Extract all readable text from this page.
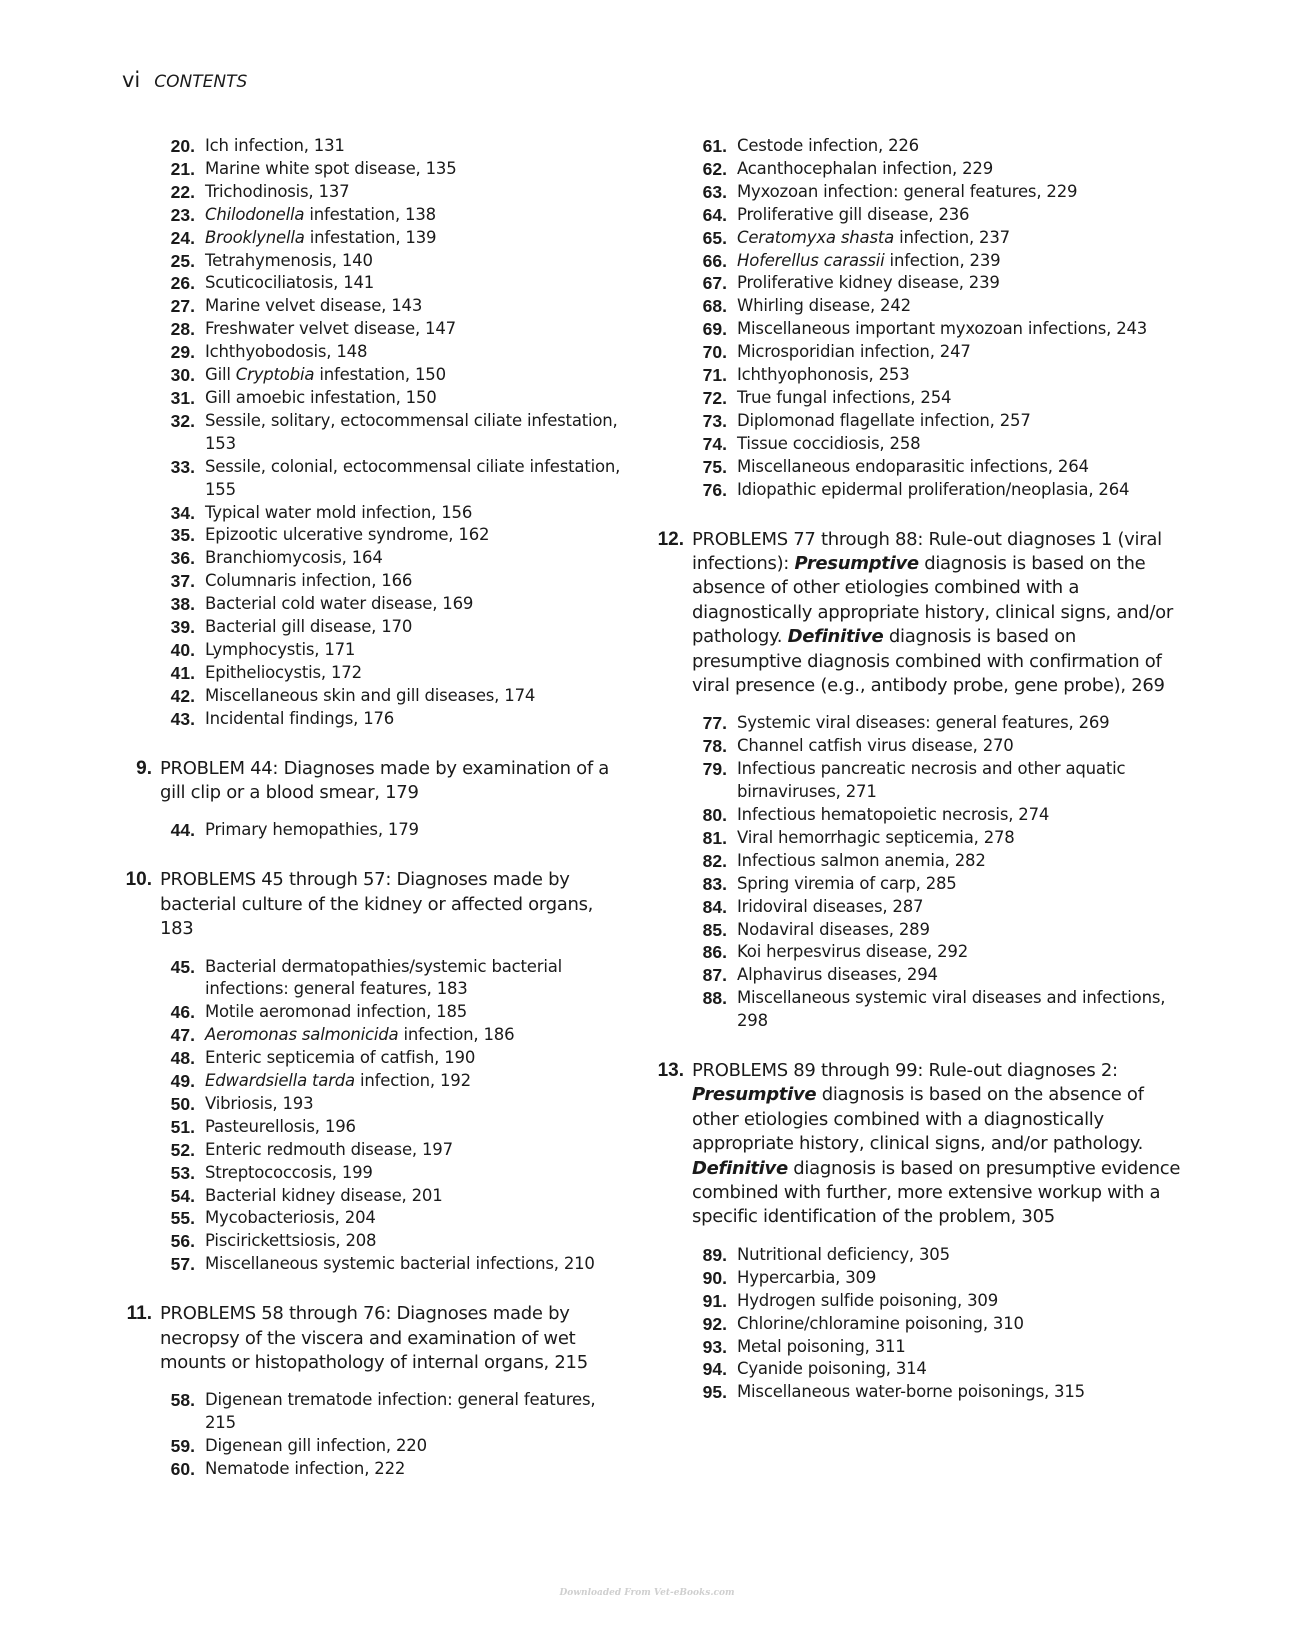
vi CONTENTS
20. Ich infection, 131
21. Marine white spot disease, 135
22. Trichodinosis, 137
23. Chilodonella infestation, 138
24. Brooklynella infestation, 139
25. Tetrahymenosis, 140
26. Scuticociliatosis, 141
27. Marine velvet disease, 143
28. Freshwater velvet disease, 147
29. Ichthyobodosis, 148
30. Gill Cryptobia infestation, 150
31. Gill amoebic infestation, 150
32. Sessile, solitary, ectocommensal ciliate infestation, 153
33. Sessile, colonial, ectocommensal ciliate infestation, 155
34. Typical water mold infection, 156
35. Epizootic ulcerative syndrome, 162
36. Branchiomycosis, 164
37. Columnaris infection, 166
38. Bacterial cold water disease, 169
39. Bacterial gill disease, 170
40. Lymphocystis, 171
41. Epitheliocystis, 172
42. Miscellaneous skin and gill diseases, 174
43. Incidental findings, 176
9. PROBLEM 44: Diagnoses made by examination of a gill clip or a blood smear, 179
44. Primary hemopathies, 179
10. PROBLEMS 45 through 57: Diagnoses made by bacterial culture of the kidney or affected organs, 183
45. Bacterial dermatopathies/systemic bacterial infections: general features, 183
46. Motile aeromonad infection, 185
47. Aeromonas salmonicida infection, 186
48. Enteric septicemia of catfish, 190
49. Edwardsiella tarda infection, 192
50. Vibriosis, 193
51. Pasteurellosis, 196
52. Enteric redmouth disease, 197
53. Streptococcosis, 199
54. Bacterial kidney disease, 201
55. Mycobacteriosis, 204
56. Piscirickettsiosis, 208
57. Miscellaneous systemic bacterial infections, 210
11. PROBLEMS 58 through 76: Diagnoses made by necropsy of the viscera and examination of wet mounts or histopathology of internal organs, 215
58. Digenean trematode infection: general features, 215
59. Digenean gill infection, 220
60. Nematode infection, 222
61. Cestode infection, 226
62. Acanthocephalan infection, 229
63. Myxozoan infection: general features, 229
64. Proliferative gill disease, 236
65. Ceratomyxa shasta infection, 237
66. Hoferellus carassii infection, 239
67. Proliferative kidney disease, 239
68. Whirling disease, 242
69. Miscellaneous important myxozoan infections, 243
70. Microsporidian infection, 247
71. Ichthyophonosis, 253
72. True fungal infections, 254
73. Diplomonad flagellate infection, 257
74. Tissue coccidiosis, 258
75. Miscellaneous endoparasitic infections, 264
76. Idiopathic epidermal proliferation/neoplasia, 264
12. PROBLEMS 77 through 88: Rule-out diagnoses 1 (viral infections): Presumptive diagnosis is based on the absence of other etiologies combined with a diagnostically appropriate history, clinical signs, and/or pathology. Definitive diagnosis is based on presumptive diagnosis combined with confirmation of viral presence (e.g., antibody probe, gene probe), 269
77. Systemic viral diseases: general features, 269
78. Channel catfish virus disease, 270
79. Infectious pancreatic necrosis and other aquatic birnaviruses, 271
80. Infectious hematopoietic necrosis, 274
81. Viral hemorrhagic septicemia, 278
82. Infectious salmon anemia, 282
83. Spring viremia of carp, 285
84. Iridoviral diseases, 287
85. Nodaviral diseases, 289
86. Koi herpesvirus disease, 292
87. Alphavirus diseases, 294
88. Miscellaneous systemic viral diseases and infections, 298
13. PROBLEMS 89 through 99: Rule-out diagnoses 2: Presumptive diagnosis is based on the absence of other etiologies combined with a diagnostically appropriate history, clinical signs, and/or pathology. Definitive diagnosis is based on presumptive evidence combined with further, more extensive workup with a specific identification of the problem, 305
89. Nutritional deficiency, 305
90. Hypercarbia, 309
91. Hydrogen sulfide poisoning, 309
92. Chlorine/chloramine poisoning, 310
93. Metal poisoning, 311
94. Cyanide poisoning, 314
95. Miscellaneous water-borne poisonings, 315
Downloaded From Vet-eBooks.com
